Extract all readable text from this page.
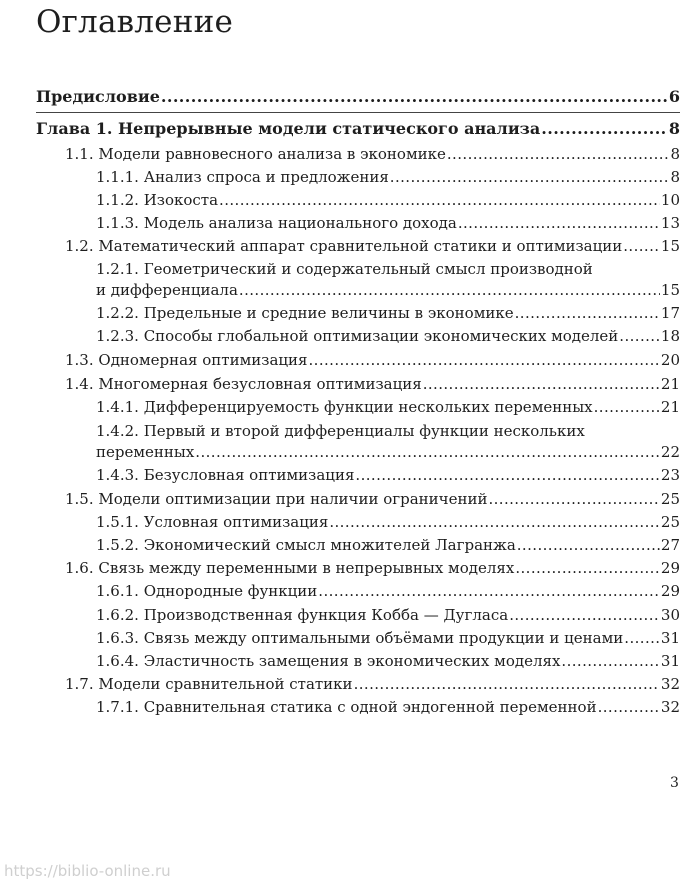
Оглавление
Предисловие .....	6
Глава 1. Непрерывные модели статического анализа .....	8
1.1. Модели равновесного анализа в экономике .....	8
1.1.1. Анализ спроса и предложения .....	8
1.1.2. Изокоста .....	10
1.1.3. Модель анализа национального дохода .....	13
1.2. Математический аппарат сравнительной статики и оптимизации .....	15
1.2.1. Геометрический и содержательный смысл производной
и дифференциала .....	15
1.2.2. Предельные и средние величины в экономике .....	17
1.2.3. Способы глобальной оптимизации экономических моделей .....	18
1.3. Одномерная оптимизация .....	20
1.4. Многомерная безусловная оптимизация .....	21
1.4.1. Дифференцируемость функции нескольких переменных .....	21
1.4.2. Первый и второй дифференциалы функции нескольких
переменных .....	22
1.4.3. Безусловная оптимизация .....	23
1.5. Модели оптимизации при наличии ограничений .....	25
1.5.1. Условная оптимизация .....	25
1.5.2. Экономический смысл множителей Лагранжа .....	27
1.6. Связь между переменными в непрерывных моделях .....	29
1.6.1. Однородные функции .....	29
1.6.2. Производственная функция Кобба — Дугласа .....	30
1.6.3. Связь между оптимальными объёмами продукции и ценами .....	31
1.6.4. Эластичность замещения в экономических моделях .....	31
1.7. Модели сравнительной статики .....	32
1.7.1. Сравнительная статика с одной эндогенной переменной .....	32
3
https://biblio-online.ru
